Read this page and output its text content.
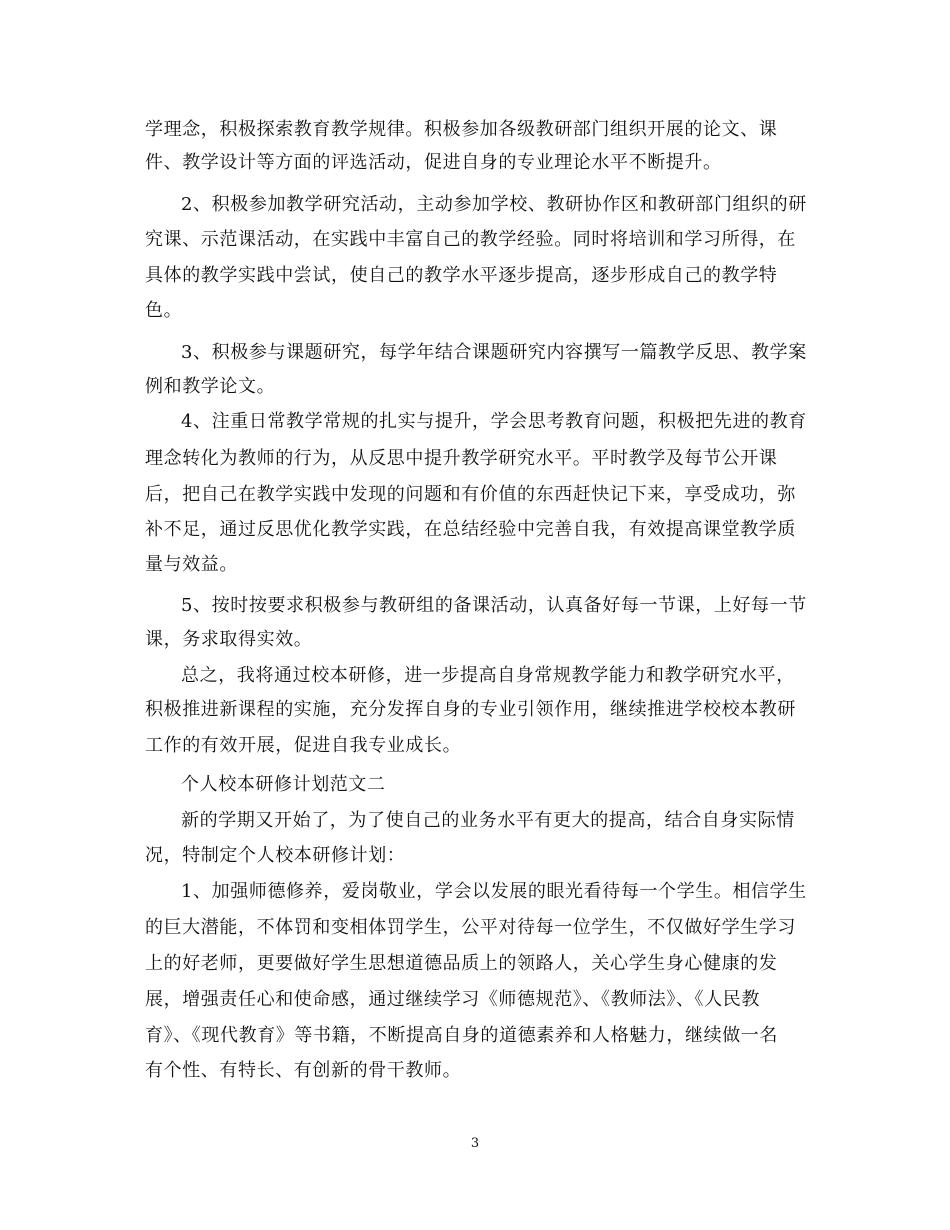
学理念，积极探索教育教学规律。积极参加各级教研部门组织开展的论文、课
件、教学设计等方面的评选活动，促进自身的专业理论水平不断提升。
2、积极参加教学研究活动，主动参加学校、教研协作区和教研部门组织的研
究课、示范课活动，在实践中丰富自己的教学经验。同时将培训和学习所得，在
具体的教学实践中尝试，使自己的教学水平逐步提高，逐步形成自己的教学特
色。
3、积极参与课题研究，每学年结合课题研究内容撰写一篇教学反思、教学案
例和教学论文。
4、注重日常教学常规的扎实与提升，学会思考教育问题，积极把先进的教育
理念转化为教师的行为，从反思中提升教学研究水平。平时教学及每节公开课
后，把自己在教学实践中发现的问题和有价值的东西赶快记下来，享受成功，弥
补不足，通过反思优化教学实践，在总结经验中完善自我，有效提高课堂教学质
量与效益。
5、按时按要求积极参与教研组的备课活动，认真备好每一节课，上好每一节
课，务求取得实效。
总之，我将通过校本研修，进一步提高自身常规教学能力和教学研究水平，
积极推进新课程的实施，充分发挥自身的专业引领作用，继续推进学校校本教研
工作的有效开展，促进自我专业成长。
个人校本研修计划范文二
新的学期又开始了，为了使自己的业务水平有更大的提高，结合自身实际情
况，特制定个人校本研修计划：
1、加强师德修养，爱岗敬业，学会以发展的眼光看待每一个学生。相信学生
的巨大潜能，不体罚和变相体罚学生，公平对待每一位学生，不仅做好学生学习
上的好老师，更要做好学生思想道德品质上的领路人，关心学生身心健康的发
展，增强责任心和使命感，通过继续学习《师德规范》、《教师法》、《人民教
育》、《现代教育》等书籍，不断提高自身的道德素养和人格魅力，继续做一名
有个性、有特长、有创新的骨干教师。
3
